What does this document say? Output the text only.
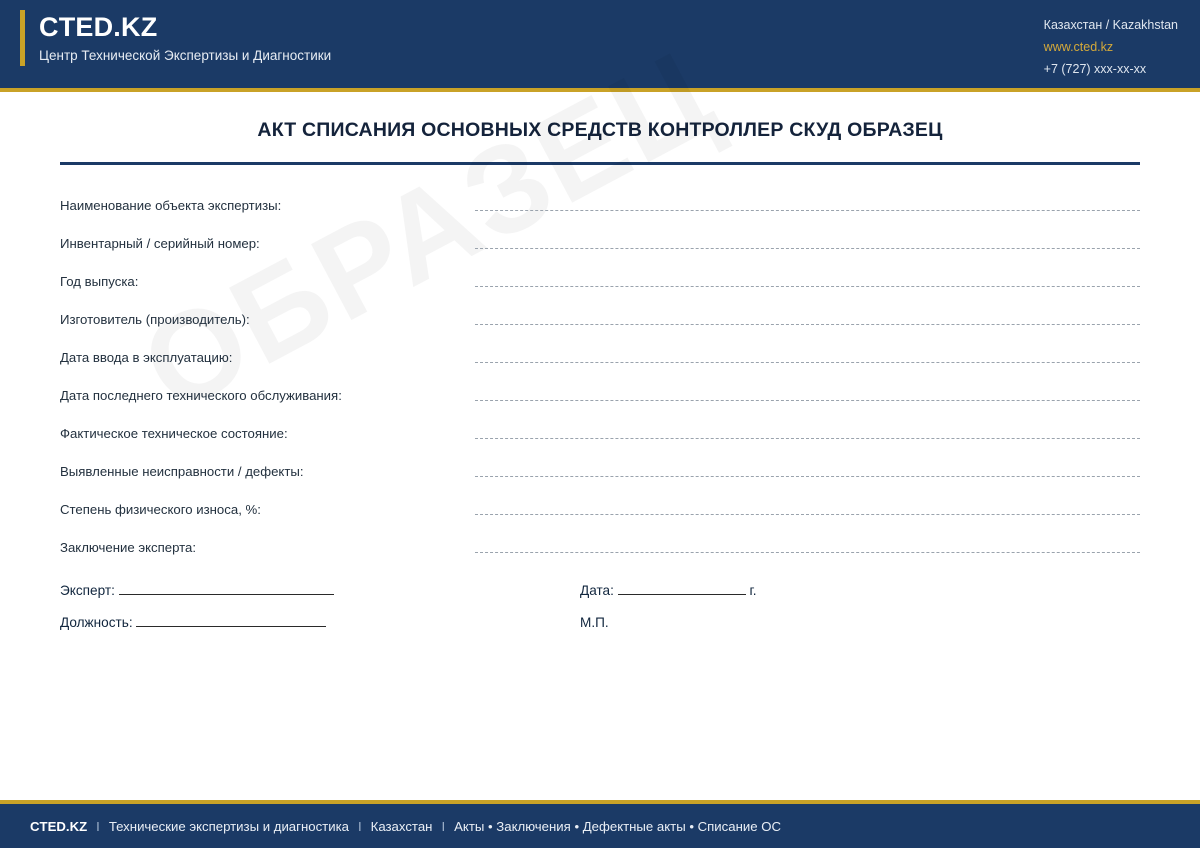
CTED.KZ
Центр Технической Экспертизы и Диагностики
Казахстан / Kazakhstan
www.cted.kz
+7 (727) xxx-xx-xx
АКТ СПИСАНИЯ ОСНОВНЫХ СРЕДСТВ КОНТРОЛЛЕР СКУД ОБРАЗЕЦ
Наименование объекта экспертизы:
Инвентарный / серийный номер:
Год выпуска:
Изготовитель (производитель):
Дата ввода в эксплуатацию:
Дата последнего технического обслуживания:
Фактическое техническое состояние:
Выявленные неисправности / дефекты:
Степень физического износа, %:
Заключение эксперта:
Эксперт:	Дата:	г.
Должность:	М.П.
CTED.KZ I Технические экспертизы и диагностика I Казахстан I Акты • Заключения • Дефектные акты • Списание ОС
